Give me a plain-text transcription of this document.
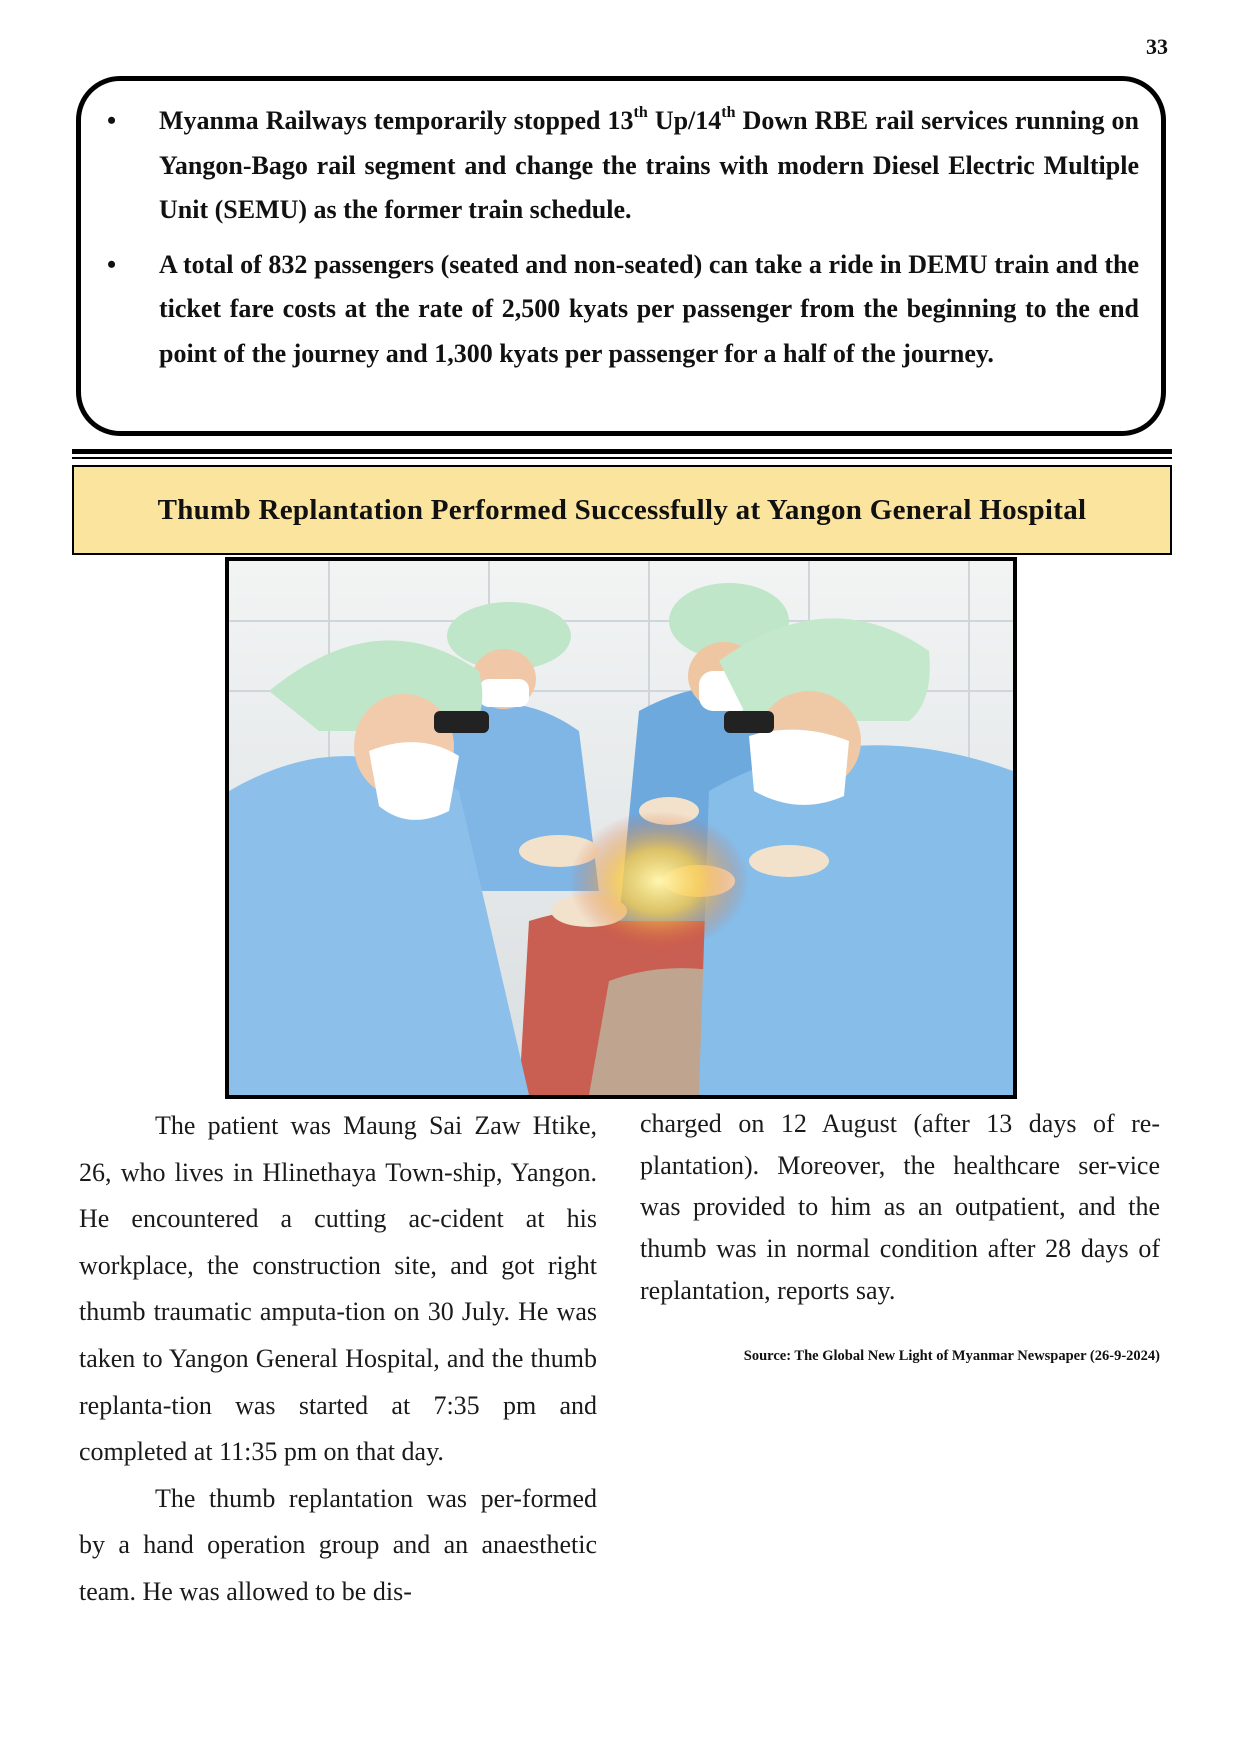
33
•	Myanma Railways temporarily stopped 13th Up/14th Down RBE rail services running on Yangon-Bago rail segment and change the trains with modern Diesel Electric Multiple Unit (SEMU) as the former train schedule.
•	A total of 832 passengers (seated and non-seated) can take a ride in DEMU train and the ticket fare costs at the rate of 2,500 kyats per passenger from the beginning to the end point of the journey and 1,300 kyats per passenger for a half of the journey.
Thumb Replantation Performed Successfully at Yangon General Hospital

The patient was Maung Sai Zaw Htike, 26, who lives in Hlinethaya Town-ship, Yangon. He encountered a cutting ac-cident at his workplace, the construction site, and got right thumb traumatic amputa-tion on 30 July. He was taken to Yangon General Hospital, and the thumb replanta-tion was started at 7:35 pm and completed at 11:35 pm on that day.

The thumb replantation was per-formed by a hand operation group and an anaesthetic team. He was allowed to be dis-

charged on 12 August (after 13 days of re-plantation). Moreover, the healthcare ser-vice was provided to him as an outpatient, and the thumb was in normal condition after 28 days of replantation, reports say.

Source: The Global New Light of Myanmar Newspaper (26-9-2024)
